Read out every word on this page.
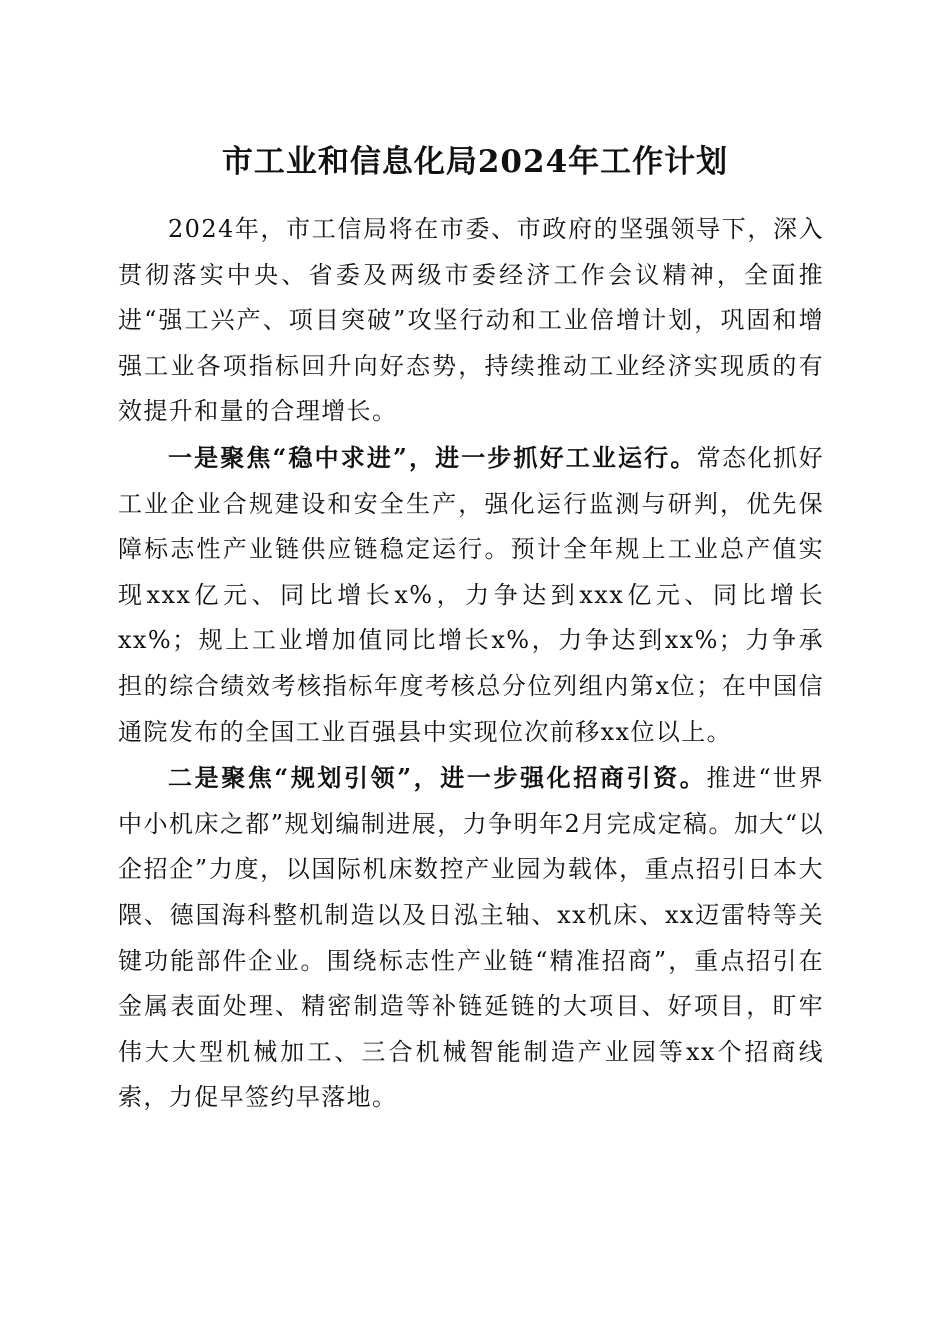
市工业和信息化局2024年工作计划

2024年，市工信局将在市委、市政府的坚强领导下，深入贯彻落实中央、省委及两级市委经济工作会议精神，全面推进“强工兴产、项目突破”攻坚行动和工业倍增计划，巩固和增强工业各项指标回升向好态势，持续推动工业经济实现质的有效提升和量的合理增长。

一是聚焦“稳中求进”，进一步抓好工业运行。常态化抓好工业企业合规建设和安全生产，强化运行监测与研判，优先保障标志性产业链供应链稳定运行。预计全年规上工业总产值实现xxx亿元、同比增长x%，力争达到xxx亿元、同比增长xx%；规上工业增加值同比增长x%，力争达到xx%；力争承担的综合绩效考核指标年度考核总分位列组内第x位；在中国信通院发布的全国工业百强县中实现位次前移xx位以上。

二是聚焦“规划引领”，进一步强化招商引资。推进“世界中小机床之都”规划编制进展，力争明年2月完成定稿。加大“以企招企”力度，以国际机床数控产业园为载体，重点招引日本大隈、德国海科整机制造以及日泓主轴、xx机床、xx迈雷特等关键功能部件企业。围绕标志性产业链“精准招商”，重点招引在金属表面处理、精密制造等补链延链的大项目、好项目，盯牢伟大大型机械加工、三合机械智能制造产业园等xx个招商线索，力促早签约早落地。
